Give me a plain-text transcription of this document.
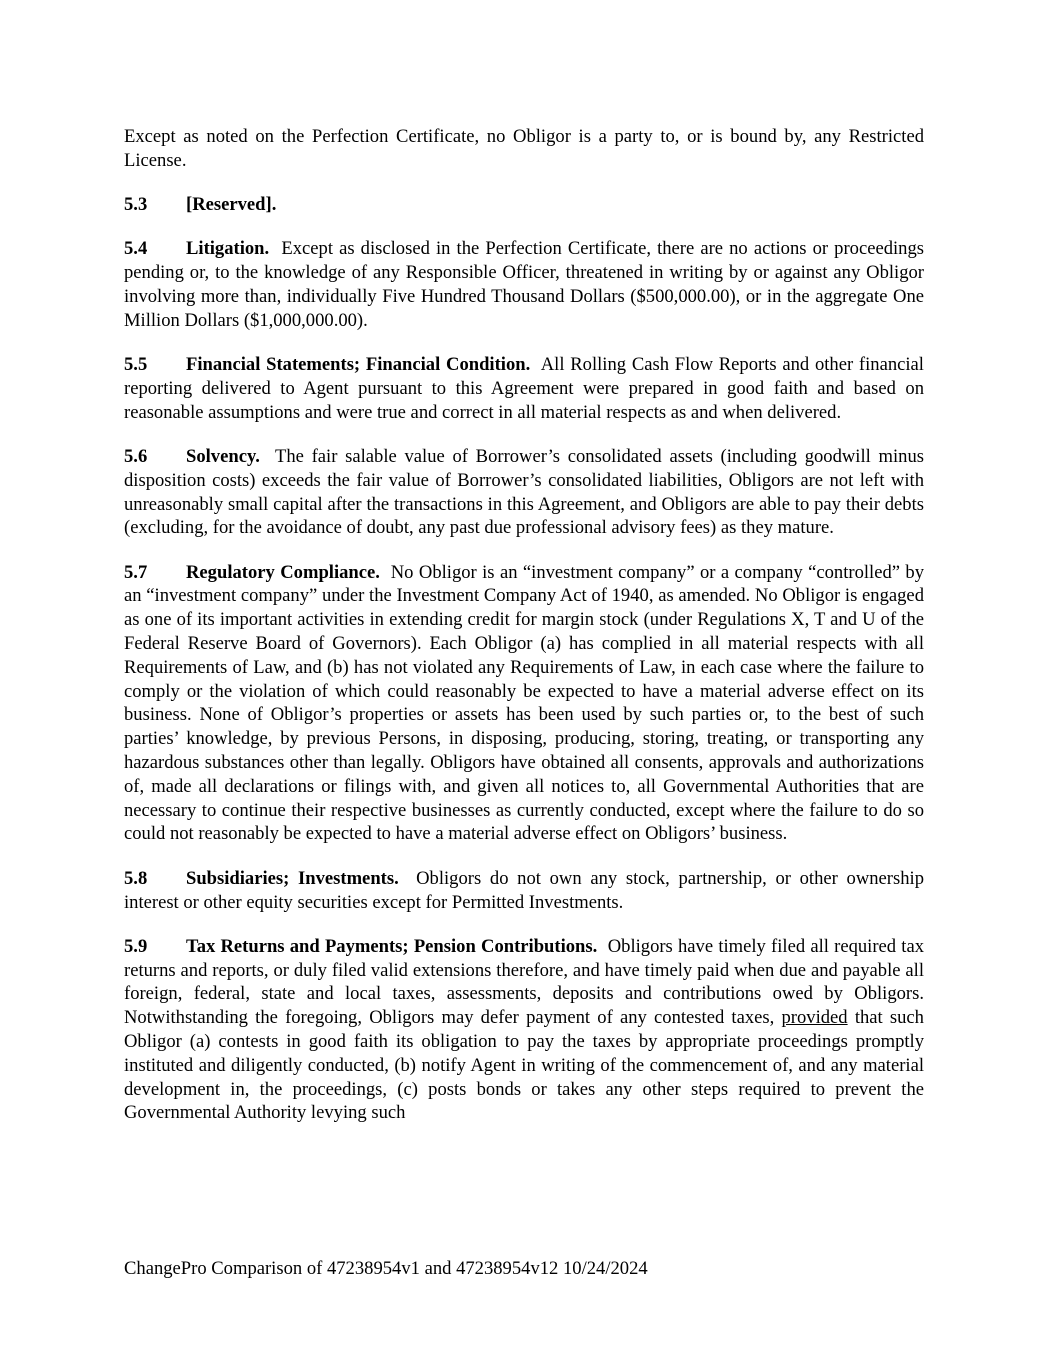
Except as noted on the Perfection Certificate, no Obligor is a party to, or is bound by, any Restricted License.

5.3 [Reserved].

5.4 Litigation. Except as disclosed in the Perfection Certificate, there are no actions or proceedings pending or, to the knowledge of any Responsible Officer, threatened in writing by or against any Obligor involving more than, individually Five Hundred Thousand Dollars ($500,000.00), or in the aggregate One Million Dollars ($1,000,000.00).

5.5 Financial Statements; Financial Condition. All Rolling Cash Flow Reports and other financial reporting delivered to Agent pursuant to this Agreement were prepared in good faith and based on reasonable assumptions and were true and correct in all material respects as and when delivered.

5.6 Solvency. The fair salable value of Borrower’s consolidated assets (including goodwill minus disposition costs) exceeds the fair value of Borrower’s consolidated liabilities, Obligors are not left with unreasonably small capital after the transactions in this Agreement, and Obligors are able to pay their debts (excluding, for the avoidance of doubt, any past due professional advisory fees) as they mature.

5.7 Regulatory Compliance. No Obligor is an “investment company” or a company “controlled” by an “investment company” under the Investment Company Act of 1940, as amended. No Obligor is engaged as one of its important activities in extending credit for margin stock (under Regulations X, T and U of the Federal Reserve Board of Governors). Each Obligor (a) has complied in all material respects with all Requirements of Law, and (b) has not violated any Requirements of Law, in each case where the failure to comply or the violation of which could reasonably be expected to have a material adverse effect on its business. None of Obligor’s properties or assets has been used by such parties or, to the best of such parties’ knowledge, by previous Persons, in disposing, producing, storing, treating, or transporting any hazardous substances other than legally. Obligors have obtained all consents, approvals and authorizations of, made all declarations or filings with, and given all notices to, all Governmental Authorities that are necessary to continue their respective businesses as currently conducted, except where the failure to do so could not reasonably be expected to have a material adverse effect on Obligors’ business.

5.8 Subsidiaries; Investments. Obligors do not own any stock, partnership, or other ownership interest or other equity securities except for Permitted Investments.

5.9 Tax Returns and Payments; Pension Contributions. Obligors have timely filed all required tax returns and reports, or duly filed valid extensions therefore, and have timely paid when due and payable all foreign, federal, state and local taxes, assessments, deposits and contributions owed by Obligors. Notwithstanding the foregoing, Obligors may defer payment of any contested taxes, provided that such Obligor (a) contests in good faith its obligation to pay the taxes by appropriate proceedings promptly instituted and diligently conducted, (b) notify Agent in writing of the commencement of, and any material development in, the proceedings, (c) posts bonds or takes any other steps required to prevent the Governmental Authority levying such

ChangePro Comparison of 47238954v1 and 47238954v12 10/24/2024
